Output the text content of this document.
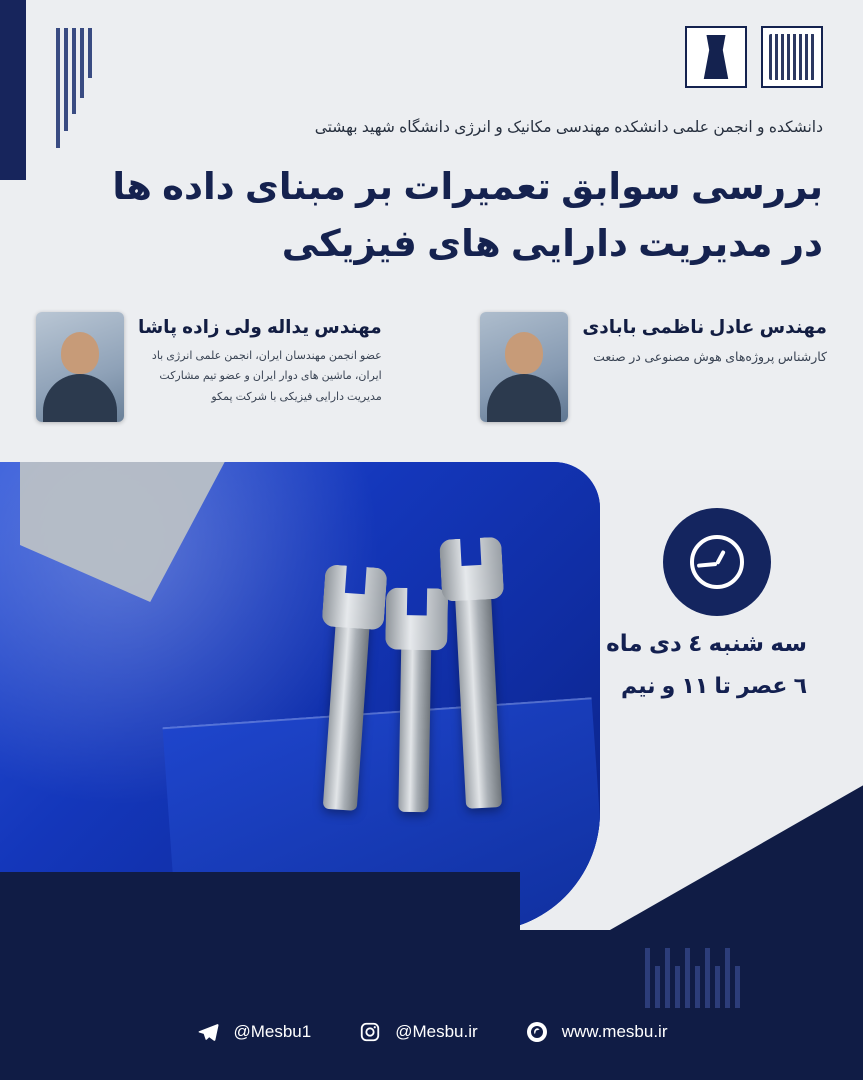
دانشکده و انجمن علمی دانشکده مهندسی مکانیک و انرژی دانشگاه شهید بهشتی
بررسی سوابق تعمیرات بر مبنای داده ها
در مدیریت دارایی های فیزیکی
مهندس عادل ناظمی بابادی
کارشناس پروژه‌های هوش مصنوعی در صنعت
مهندس یداله ولی زاده پاشا
عضو انجمن مهندسان ایران، انجمن علمی انرژی باد ایران، ماشین های دوار ایران و عضو تیم مشارکت مدیریت دارایی فیزیکی با شرکت پمکو
سه شنبه ٤ دی ماه
٦ عصر تا ١١ و نیم
@Mesbu1	@Mesbu.ir	www.mesbu.ir
